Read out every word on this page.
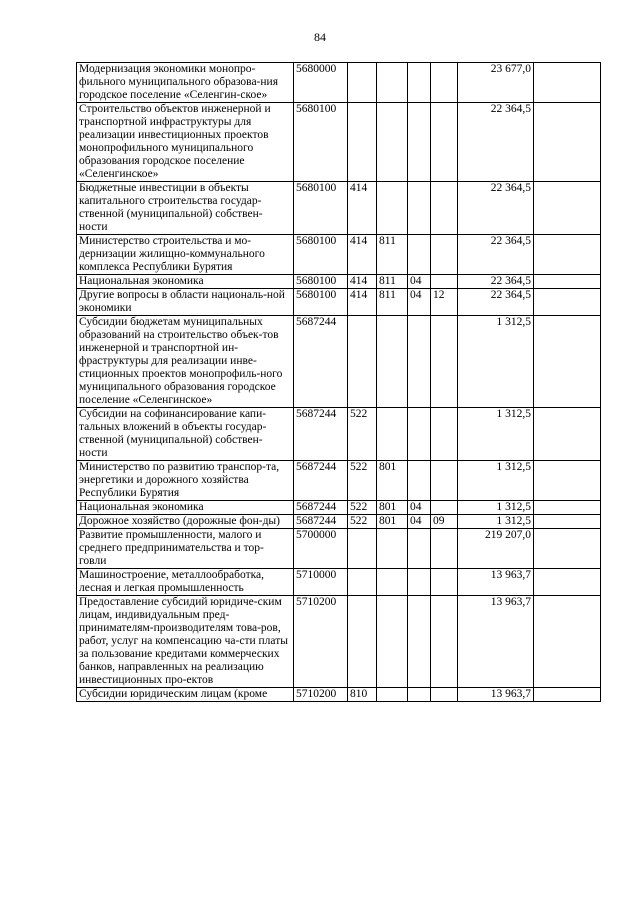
84
Модернизация экономики монопро-фильного муниципального образова-ния городское поселение «Селенгин-ское»	5680000					23 677,0	
Строительство объектов инженерной и транспортной инфраструктуры для реализации инвестиционных проектов монопрофильного муниципального образования городское поселение «Селенгинское»	5680100					22 364,5	
Бюджетные инвестиции в объекты капитального строительства государ-ственной (муниципальной) собствен-ности	5680100	414				22 364,5	
Министерство строительства и мо-дернизации жилищно-коммунального комплекса Республики Бурятия	5680100	414	811			22 364,5	
Национальная экономика	5680100	414	811	04		22 364,5	
Другие вопросы в области националь-ной экономики	5680100	414	811	04	12	22 364,5	
Субсидии бюджетам муниципальных образований на строительство объек-тов инженерной и транспортной ин-фраструктуры для реализации инве-стиционных проектов монопрофиль-ного муниципального образования городское поселение «Селенгинское»	5687244					1 312,5	
Субсидии на софинансирование капи-тальных вложений в объекты государ-ственной (муниципальной) собствен-ности	5687244	522				1 312,5	
Министерство по развитию транспор-та, энергетики и дорожного хозяйства Республики Бурятия	5687244	522	801			1 312,5	
Национальная экономика	5687244	522	801	04		1 312,5	
Дорожное хозяйство (дорожные фон-ды)	5687244	522	801	04	09	1 312,5	
Развитие промышленности, малого и среднего предпринимательства и тор-говли	5700000					219 207,0	
Машиностроение, металлообработка, лесная и легкая промышленность	5710000					13 963,7	
Предоставление субсидий юридиче-ским лицам, индивидуальным пред-принимателям-производителям това-ров, работ, услуг на компенсацию ча-сти платы за пользование кредитами коммерческих банков, направленных на реализацию инвестиционных про-ектов	5710200					13 963,7	
Субсидии юридическим лицам (кроме	5710200	810				13 963,7	
